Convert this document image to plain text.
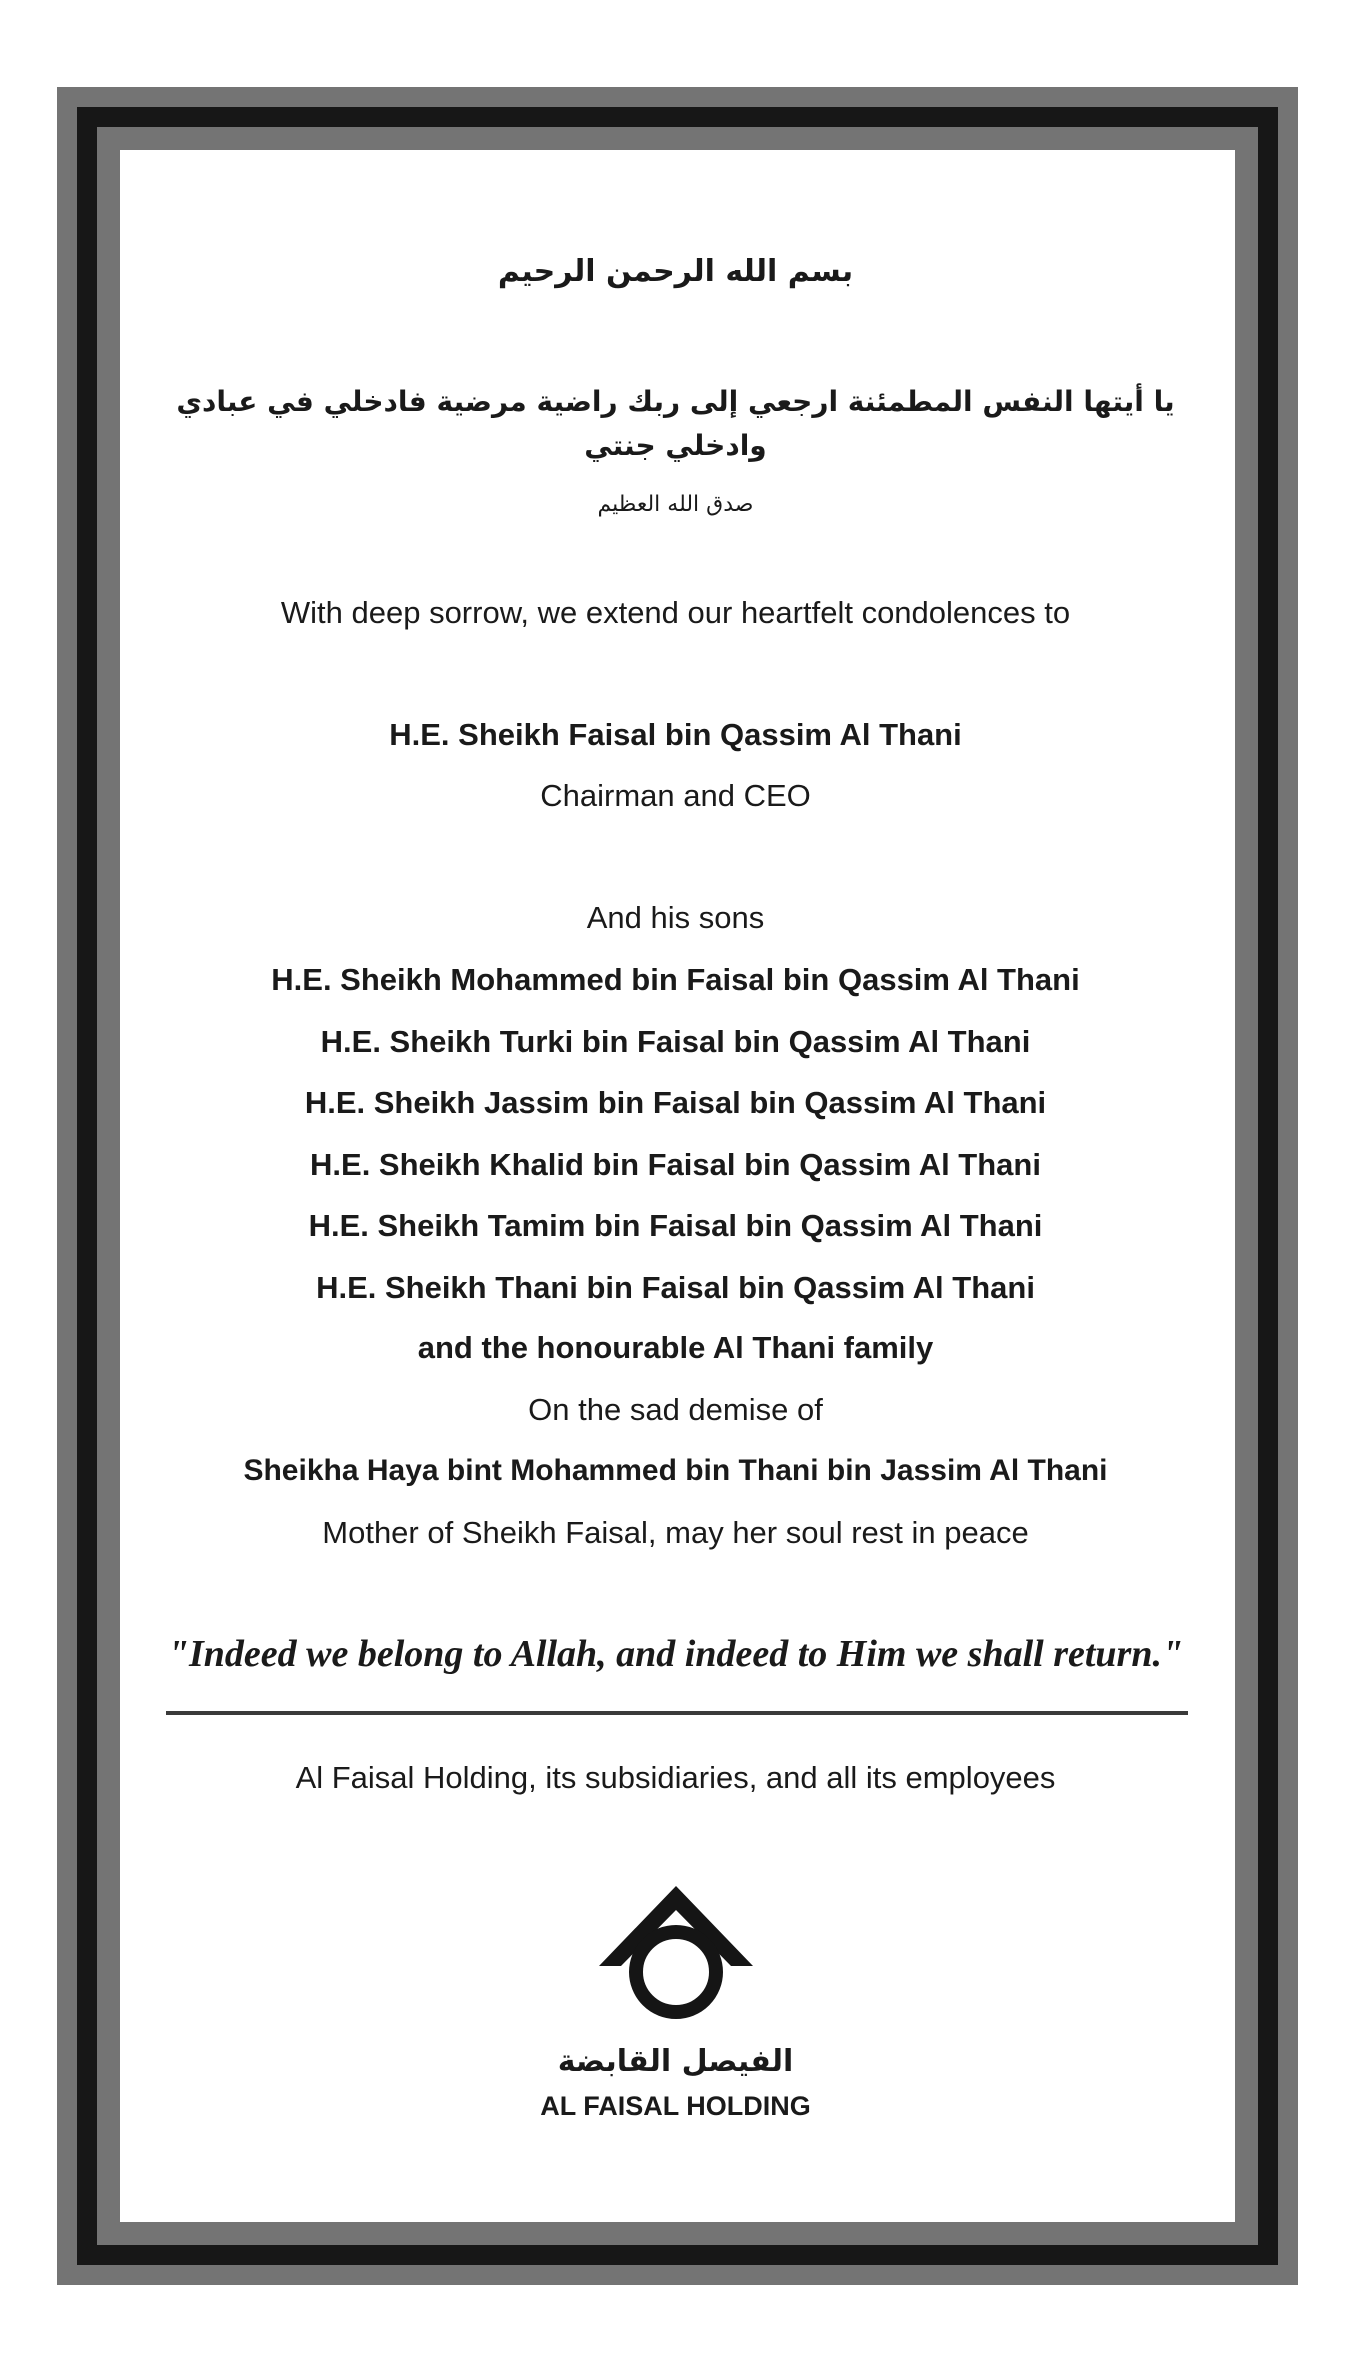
بسم الله الرحمن الرحيم
يا أيتها النفس المطمئنة ارجعي إلى ربك راضية مرضية فادخلي في عبادي وادخلي جنتي
صدق الله العظيم
With deep sorrow, we extend our heartfelt condolences to
H.E. Sheikh Faisal bin Qassim Al Thani
Chairman and CEO
And his sons
H.E. Sheikh Mohammed bin Faisal bin Qassim Al Thani
H.E. Sheikh Turki bin Faisal bin Qassim Al Thani
H.E. Sheikh Jassim bin Faisal bin Qassim Al Thani
H.E. Sheikh Khalid bin Faisal bin Qassim Al Thani
H.E. Sheikh Tamim bin Faisal bin Qassim Al Thani
H.E. Sheikh Thani bin Faisal bin Qassim Al Thani
and the honourable Al Thani family
On the sad demise of
Sheikha Haya bint Mohammed bin Thani bin Jassim Al Thani
Mother of Sheikh Faisal, may her soul rest in peace
"Indeed we belong to Allah, and indeed to Him we shall return."
Al Faisal Holding, its subsidiaries, and all its employees
الفيصل القابضة
AL FAISAL HOLDING
